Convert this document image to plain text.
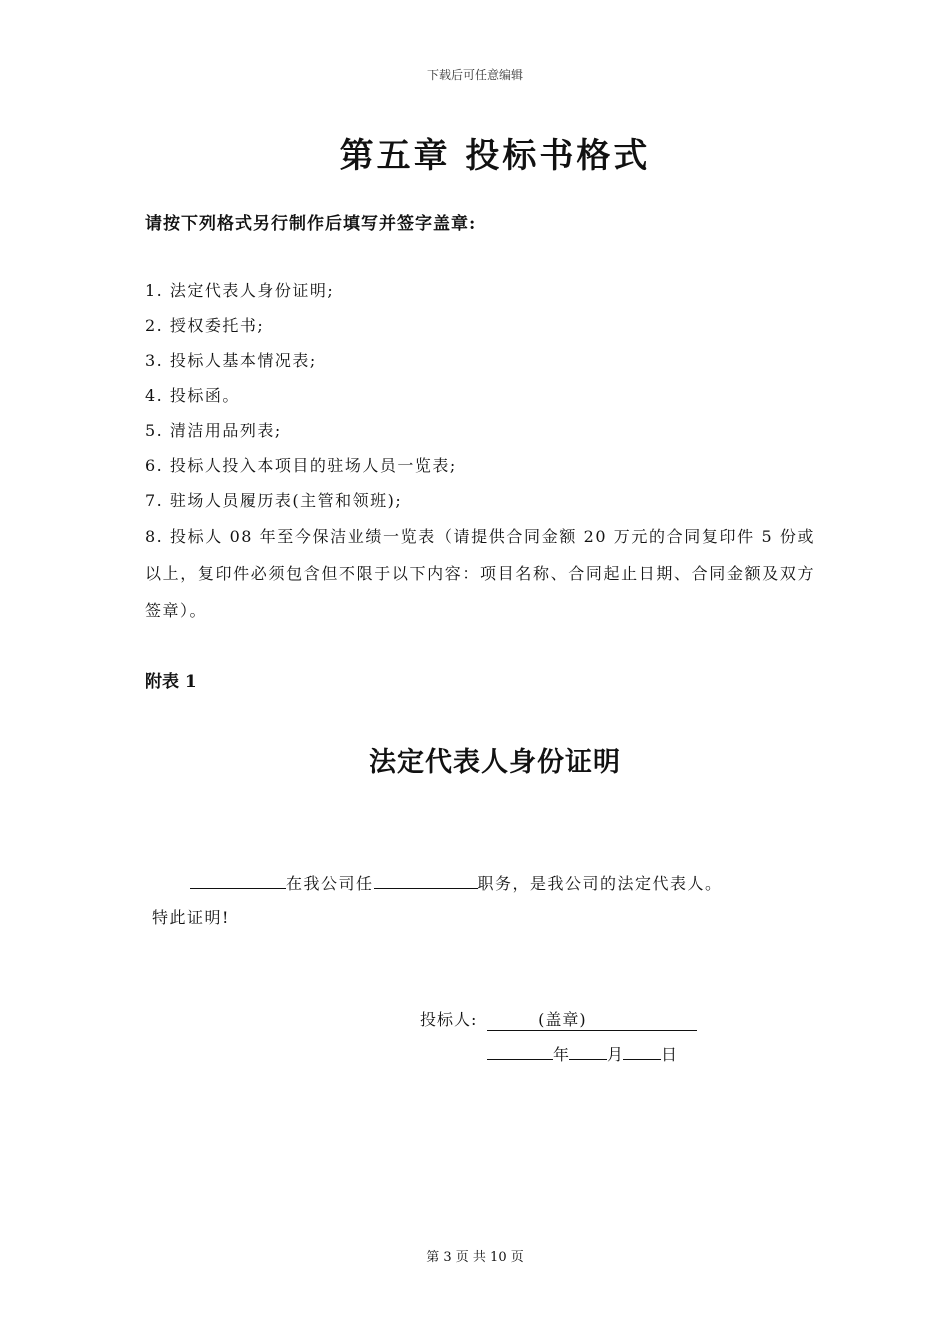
下载后可任意编辑
第五章 投标书格式
请按下列格式另行制作后填写并签字盖章:
1. 法定代表人身份证明;
2. 授权委托书;
3. 投标人基本情况表;
4. 投标函。
5. 清洁用品列表;
6. 投标人投入本项目的驻场人员一览表;
7. 驻场人员履历表(主管和领班);
8. 投标人 08 年至今保洁业绩一览表（请提供合同金额 20 万元的合同复印件 5 份或以上，复印件必须包含但不限于以下内容：项目名称、合同起止日期、合同金额及双方签章）。
附表 1
法定代表人身份证明
在我公司任	职务，是我公司的法定代表人。
特此证明!
投标人:	(盖章)
年 月 日
第 3 页 共 10 页
